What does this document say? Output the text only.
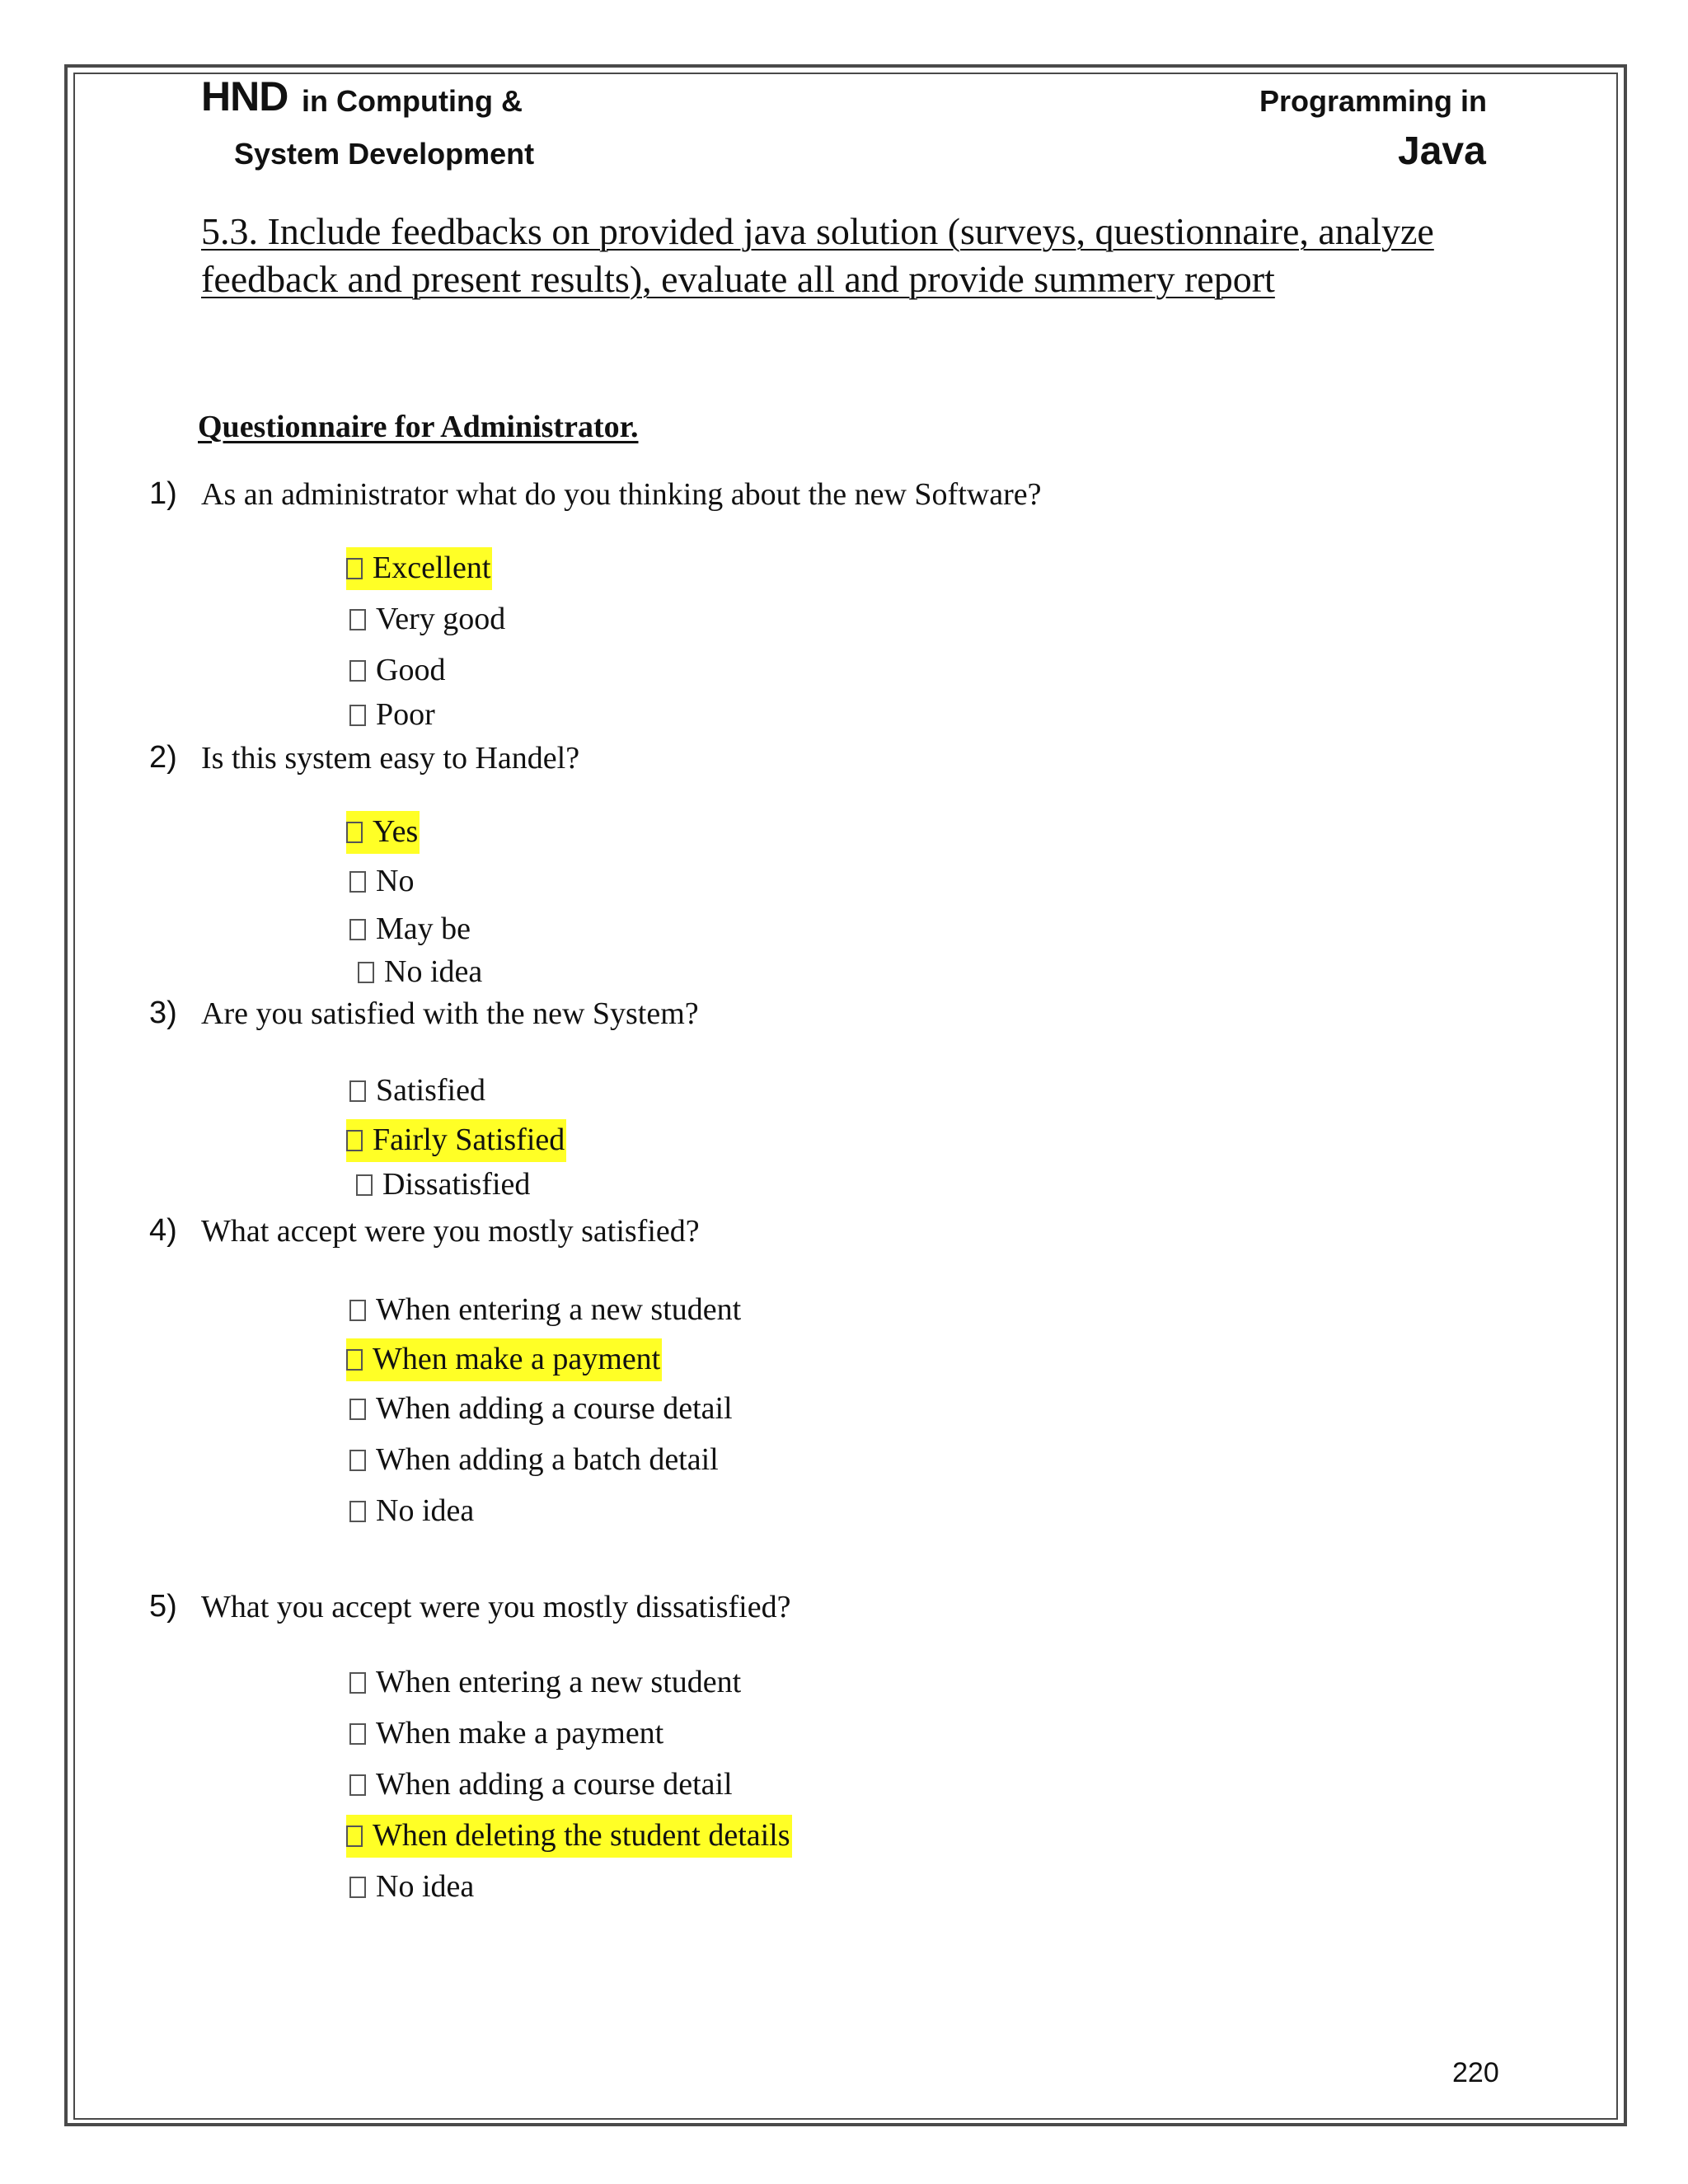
HND in Computing &
System Development
Programming in
Java
5.3. Include feedbacks on provided java solution (surveys, questionnaire, analyze feedback and present results), evaluate all and provide summery report
Questionnaire for Administrator.
1) As an administrator what do you thinking about the new Software?
Excellent
Very good
Good
Poor
2) Is this system easy to Handel?
Yes
No
May be
No idea
3) Are you satisfied with the new System?
Satisfied
Fairly Satisfied
Dissatisfied
4) What accept were you mostly satisfied?
When entering a new student
When make a payment
When adding a course detail
When adding a batch detail
No idea
5) What you accept were you mostly dissatisfied?
When entering a new student
When make a payment
When adding a course detail
When deleting the student details
No idea
220
